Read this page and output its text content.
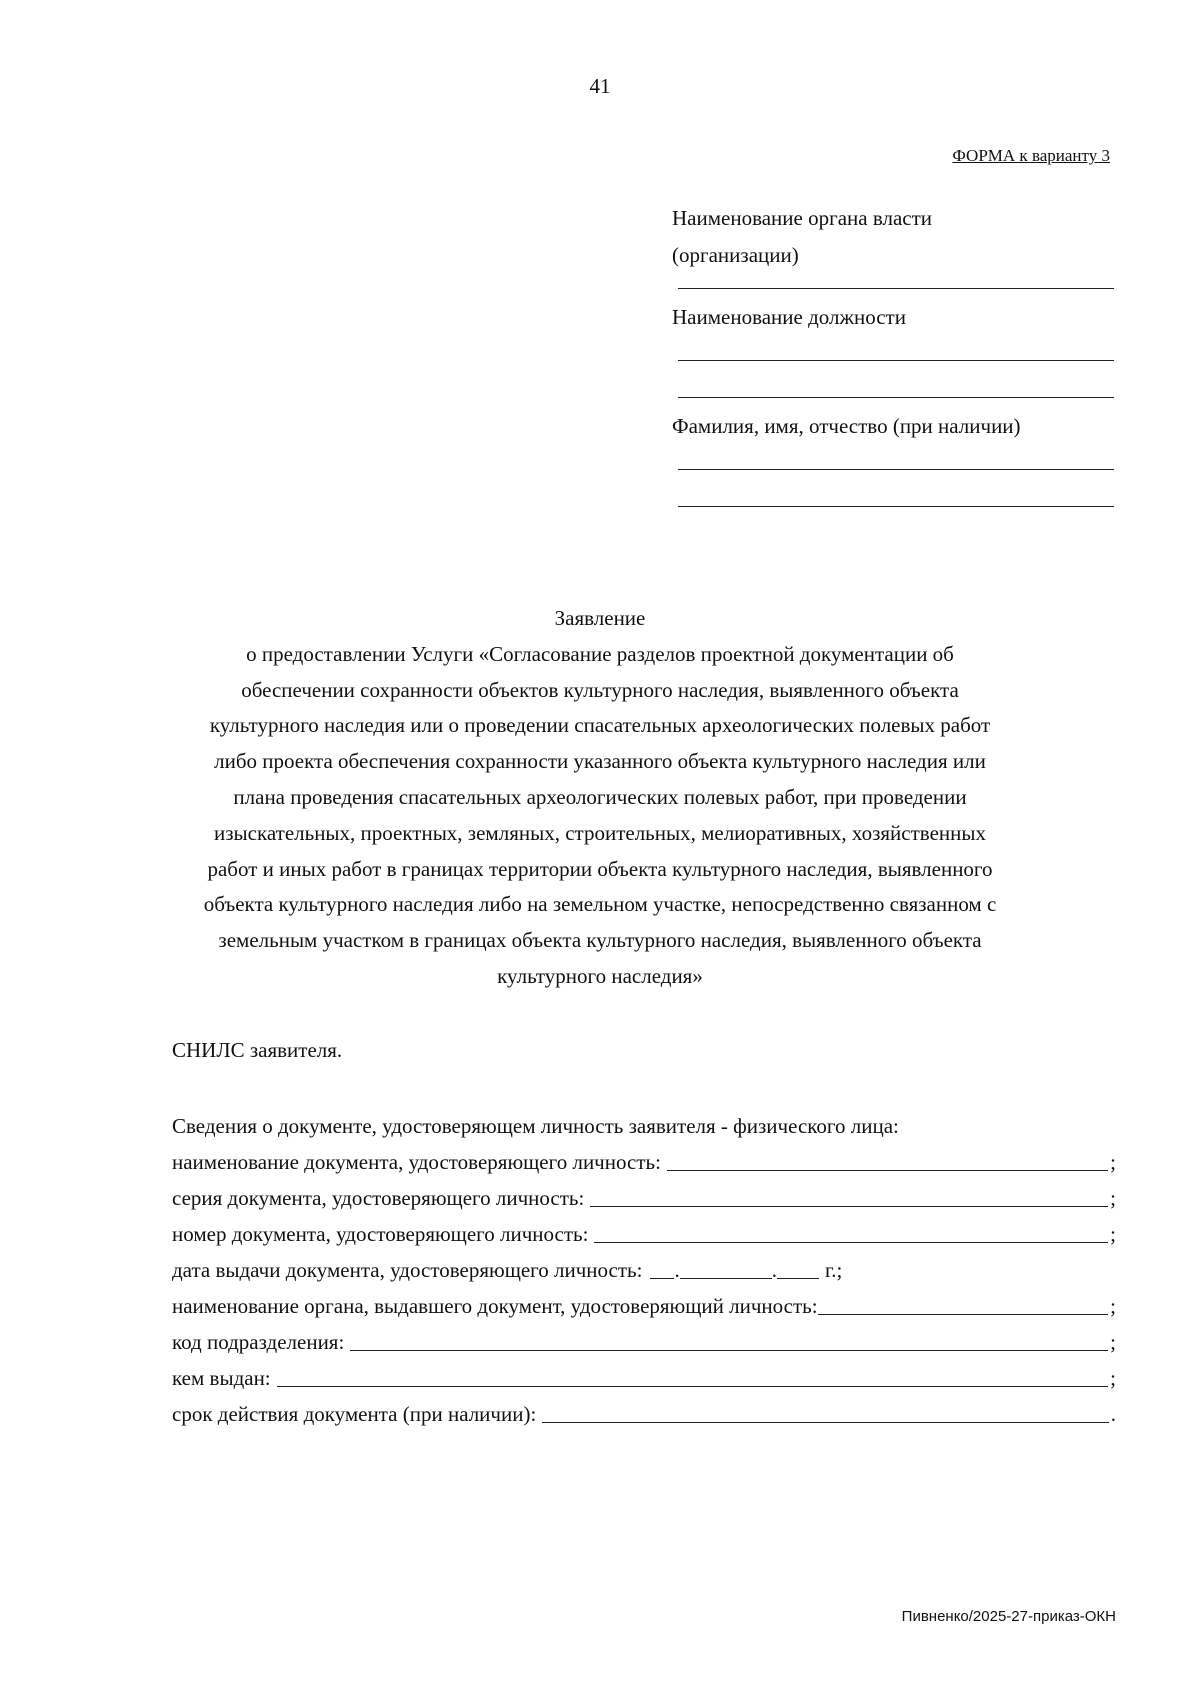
41
ФОРМА к варианту 3
Наименование органа власти
(организации)
Наименование должности
Фамилия, имя, отчество (при наличии)
Заявление
о предоставлении Услуги «Согласование разделов проектной документации об
обеспечении сохранности объектов культурного наследия, выявленного объекта
культурного наследия или о проведении спасательных археологических полевых работ
либо проекта обеспечения сохранности указанного объекта культурного наследия или
плана проведения спасательных археологических полевых работ, при проведении
изыскательных, проектных, земляных, строительных, мелиоративных, хозяйственных
работ и иных работ в границах территории объекта культурного наследия, выявленного
объекта культурного наследия либо на земельном участке, непосредственно связанном с
земельным участком в границах объекта культурного наследия, выявленного объекта
культурного наследия»
СНИЛС заявителя.
Сведения о документе, удостоверяющем личность заявителя - физического лица:
наименование документа, удостоверяющего личность:	;
серия документа, удостоверяющего личность:	;
номер документа, удостоверяющего личность:	;
дата выдачи документа, удостоверяющего личность: .	. г.;
наименование органа, выдавшего документ, удостоверяющий личность:	;
код подразделения:	;
кем выдан:	;
срок действия документа (при наличии):	.
Пивненко/2025-27-приказ-ОКН
